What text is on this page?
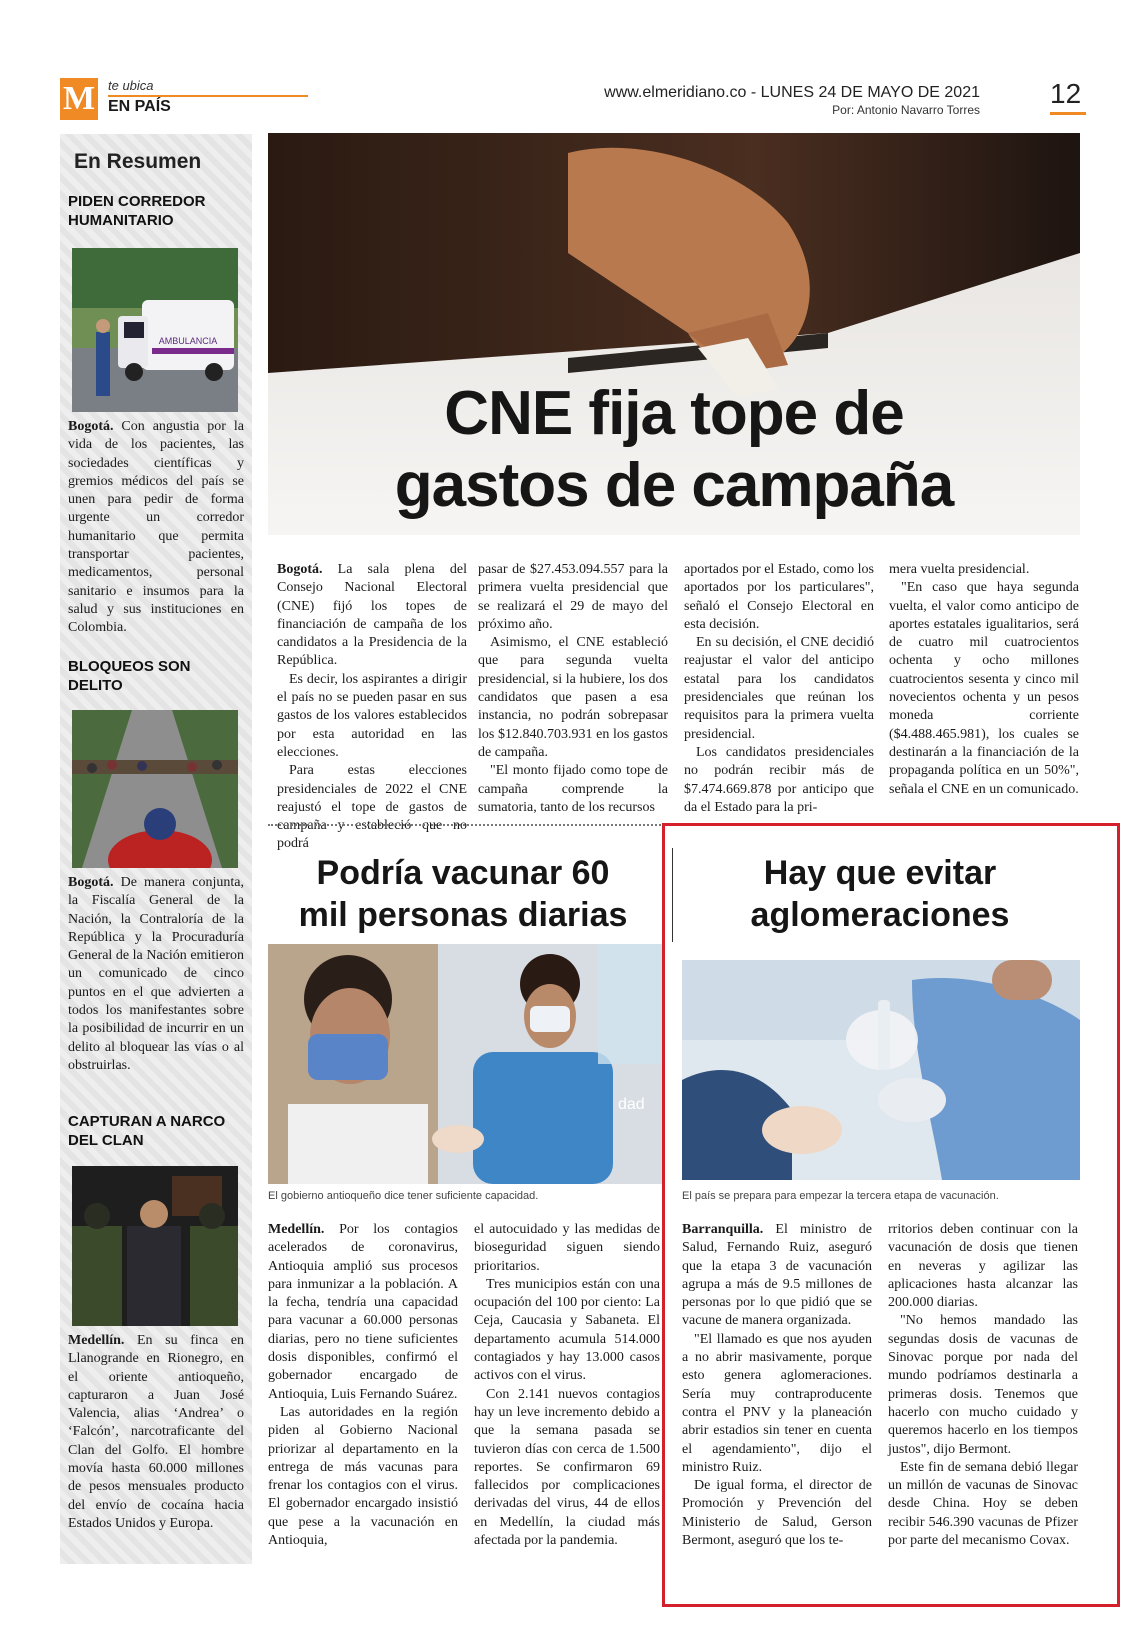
M te ubica
EN PAÍS
www.elmeridiano.co - LUNES 24 DE MAYO DE 2021
Por: Antonio Navarro Torres
12
En Resumen
PIDEN CORREDOR HUMANITARIO
AMBULANCIA
Bogotá. Con angustia por la vida de los pacientes, las sociedades científicas y gremios médicos del país se unen para pedir de forma urgente un corredor humanitario que permita transportar pacientes, medicamentos, personal sanitario e insumos para la salud y sus instituciones en Colombia.
BLOQUEOS SON DELITO
Bogotá. De manera conjunta, la Fiscalía General de la Nación, la Contraloría de la República y la Procuraduría General de la Nación emitieron un comunicado de cinco puntos en el que advierten a todos los manifestantes sobre la posibilidad de incurrir en un delito al bloquear las vías o al obstruirlas.
CAPTURAN A NARCO DEL CLAN
Medellín. En su finca en Llanogrande en Rionegro, en el oriente antioqueño, capturaron a Juan José Valencia, alias ‘Andrea’ o ‘Falcón’, narcotraficante del Clan del Golfo. El hombre movía hasta 60.000 millones de pesos mensuales producto del envío de cocaína hacia Estados Unidos y Europa.
CNE fija tope de
gastos de campaña

Bogotá. La sala plena del Consejo Nacional Electoral (CNE) fijó los topes de financiación de campaña de los candidatos a la Presidencia de la República.

Es decir, los aspirantes a dirigir el país no se pueden pasar en sus gastos de los valores establecidos por esta autoridad en las elecciones.

Para estas elecciones presidenciales de 2022 el CNE reajustó el tope de gastos de campaña y estableció que no podrá

pasar de $27.453.094.557 para la primera vuelta presidencial que se realizará el 29 de mayo del próximo año.

Asimismo, el CNE estableció que para segunda vuelta presidencial, si la hubiere, los dos candidatos que pasen a esa instancia, no podrán sobrepasar los $12.840.703.931 en los gastos de campaña.

"El monto fijado como tope de campaña comprende la sumatoria, tanto de los recursos

aportados por el Estado, como los aportados por los particulares", señaló el Consejo Electoral en esta decisión.

En su decisión, el CNE decidió reajustar el valor del anticipo estatal para los candidatos presidenciales que reúnan los requisitos para la primera vuelta presidencial.

Los candidatos presidenciales no podrán recibir más de $7.474.669.878 por anticipo que da el Estado para la pri-

mera vuelta presidencial.

"En caso que haya segunda vuelta, el valor como anticipo de aportes estatales igualitarios, será de cuatro mil cuatrocientos ochenta y ocho millones cuatrocientos sesenta y cinco mil novecientos ochenta y un pesos moneda corriente ($4.488.465.981), los cuales se destinarán a la financiación de la propaganda política en un 50%", señala el CNE en un comunicado.

Podría vacunar 60
mil personas diarias
dad
El gobierno antioqueño dice tener suficiente capacidad.

Medellín. Por los contagios acelerados de coronavirus, Antioquia amplió sus procesos para inmunizar a la población. A la fecha, tendría una capacidad para vacunar a 60.000 personas diarias, pero no tiene suficientes dosis disponibles, confirmó el gobernador encargado de Antioquia, Luis Fernando Suárez.

Las autoridades en la región piden al Gobierno Nacional priorizar al departamento en la entrega de más vacunas para frenar los contagios con el virus. El gobernador encargado insistió que pese a la vacunación en Antioquia,

el autocuidado y las medidas de bioseguridad siguen siendo prioritarios.

Tres municipios están con una ocupación del 100 por ciento: La Ceja, Caucasia y Sabaneta. El departamento acumula 514.000 contagiados y hay 13.000 casos activos con el virus.

Con 2.141 nuevos contagios hay un leve incremento debido a que la semana pasada se tuvieron días con cerca de 1.500 reportes. Se confirmaron 69 fallecidos por complicaciones derivadas del virus, 44 de ellos en Medellín, la ciudad más afectada por la pandemia.

Hay que evitar
aglomeraciones
El país se prepara para empezar la tercera etapa de vacunación.

Barranquilla. El ministro de Salud, Fernando Ruiz, aseguró que la etapa 3 de vacunación agrupa a más de 9.5 millones de personas por lo que pidió que se vacune de manera organizada.

"El llamado es que nos ayuden a no abrir masivamente, porque esto genera aglomeraciones. Sería muy contraproducente contra el PNV y la planeación abrir estadios sin tener en cuenta el agendamiento", dijo el ministro Ruiz.

De igual forma, el director de Promoción y Prevención del Ministerio de Salud, Gerson Bermont, aseguró que los te-

rritorios deben continuar con la vacunación de dosis que tienen en neveras y agilizar las aplicaciones hasta alcanzar las 200.000 diarias.

"No hemos mandado las segundas dosis de vacunas de Sinovac porque por nada del mundo podríamos destinarla a primeras dosis. Tenemos que hacerlo con mucho cuidado y queremos hacerlo en los tiempos justos", dijo Bermont.

Este fin de semana debió llegar un millón de vacunas de Sinovac desde China. Hoy se deben recibir 546.390 vacunas de Pfizer por parte del mecanismo Covax.
